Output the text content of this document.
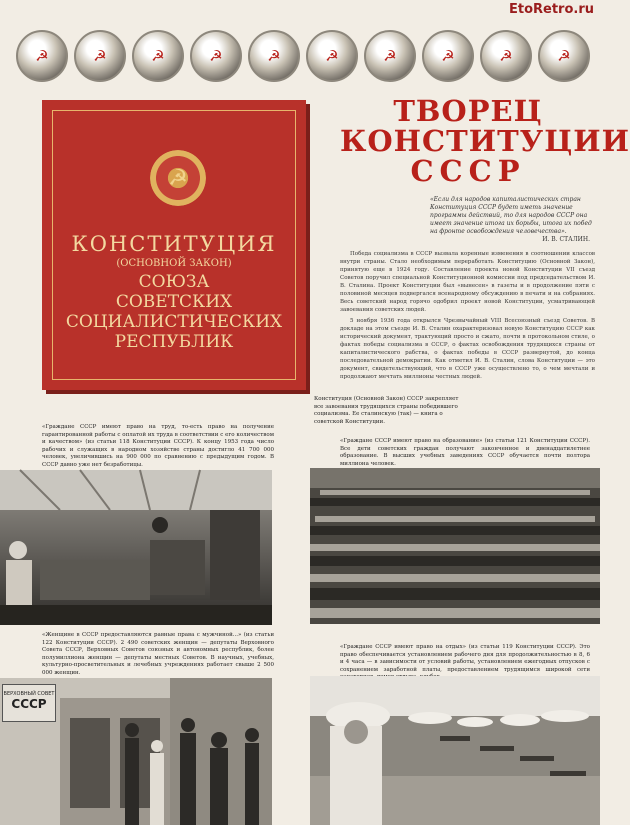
EtoRetro.ru
☭	☭	☭	☭	☭	☭	☭	☭	☭	☭
☭
КОНСТИТУЦИЯ
(ОСНОВНОЙ ЗАКОН)
СОЮЗА
СОВЕТСКИХ
СОЦИАЛИСТИЧЕСКИХ
РЕСПУБЛИК
ТВОРЕЦ
КОНСТИТУЦИИ
СССР
«Если для народов капиталистических стран Конституция СССР будет иметь значение программы действий, то для народов СССР она имеет значение итога их борьбы, итога их побед на фронте освобождения человечества».
И. В. СТАЛИН.

Победа социализма в СССР вызвала коренные изменения в соотношении классов внутри страны. Стало необходимым переработать Конституцию (Основной Закон), принятую еще в 1924 году. Составление проекта новой Конституции VII съезд Советов поручил специальной Конституционной комиссии под председательством И. В. Сталина. Проект Конституции был «вынесен» в газеты и в продолжение пяти с половиной месяцев подвергался всенародному обсуждению в печати и на собраниях. Весь советский народ горячо одобрил проект новой Конституции, усматривающей завоевания советских людей.

5 ноября 1936 года открылся Чрезвычайный VIII Всесоюзный съезд Советов. В докладе на этом съезде И. В. Сталин охарактеризовал новую Конституцию СССР как исторический документ, трактующий просто и сжато, почти в протокольном стиле, о фактах победы социализма в СССР, о фактах освобождения трудящихся страны от капиталистического рабства, о фактах победы в СССР развернутой, до конца последовательной демократии. Как отметил И. В. Сталин, слова Конституции — это документ, свидетельствующий, что в СССР уже осуществлено то, о чем мечтали и продолжают мечтать миллионы честных людей.

Конституция (Основной Закон) СССР закрепляет все завоевания трудящихся страны победившего социализма. Ее сталинскую (так) — книга о советской Конституции.
«Граждане СССР имеют право на труд, то-есть право на получение гарантированной работы с оплатой их труда в соответствии с его количеством и качеством» (из статьи 118 Конституции СССР). К концу 1953 года число рабочих и служащих в народном хозяйстве страны достигло 41 700 000 человек, увеличившись на 900 000 по сравнению с предыдущим годом. В СССР давно уже нет безработицы.
«Граждане СССР имеют право на образование» (из статьи 121 Конституции СССР). Все дети советских граждан получают законченное и двенадцатилетнее образование. В высших учебных заведениях СССР обучается почти полтора миллиона человек.
«Женщине в СССР предоставляются равные права с мужчиной...» (из статьи 122 Конституции СССР). 2 490 советских женщин — депутаты Верховного Совета СССР, Верховных Советов союзных и автономных республик, более полумиллиона женщин — депутаты местных Советов. В научных, учебных, культурно-просветительных и лечебных учреждениях работает свыше 2 500 000 женщин.
«Граждане СССР имеют право на отдых» (из статьи 119 Конституции СССР). Это право обеспечивается установлением рабочего дня для продолжительностью в 8, 6 и 4 часа — в зависимости от условий работы, установлением ежегодных отпусков с сохранением заработной платы, предоставлением трудящимся широкой сети
ВЕРХОВНЫЙ СОВЕТ
СССР
